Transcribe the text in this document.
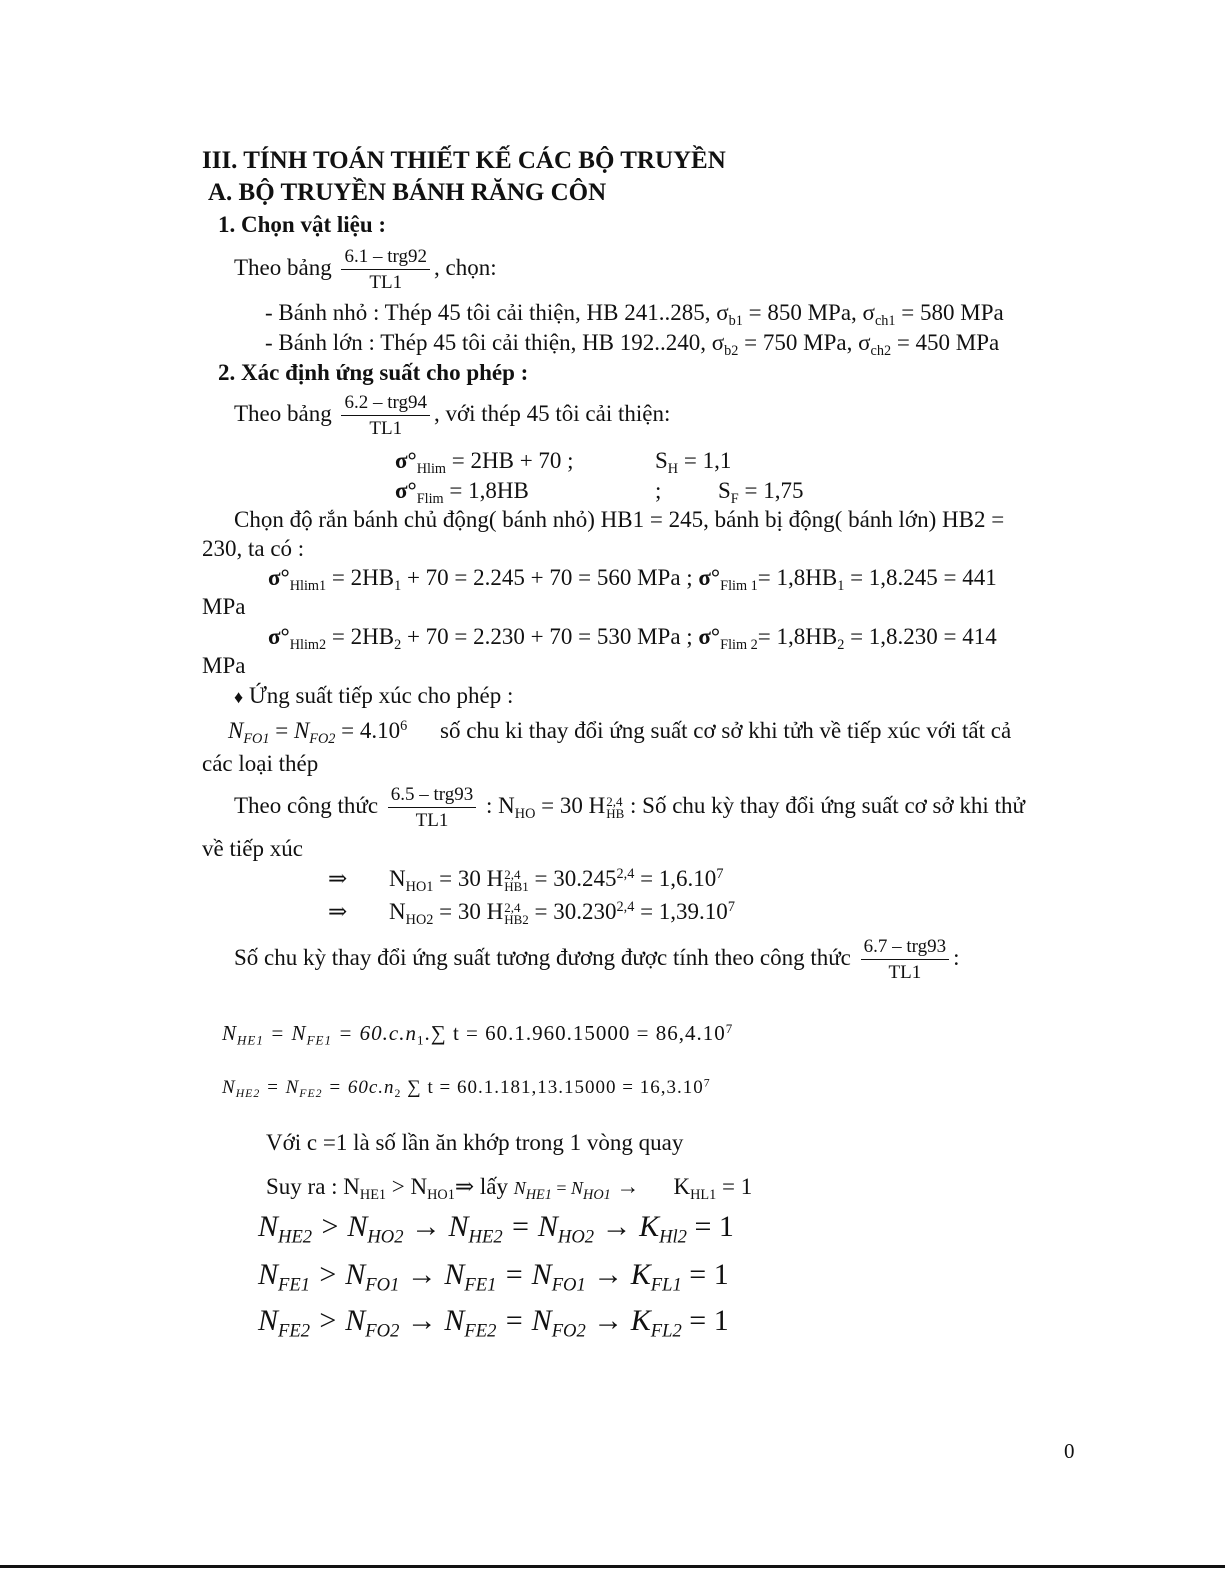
III. TÍNH TOÁN THIẾT KẾ CÁC BỘ TRUYỀN
A. BỘ TRUYỀN BÁNH RĂNG CÔN
1. Chọn vật liệu :
Theo bảng $\frac{\text{6.1 – trg92}}{TL1}$ , chọn:
- Bánh nhỏ : Thép 45 tôi cải thiện, HB 241..285, $\sigma_{b1} = 850$ MPa, $\sigma_{ch1} = 580$ MPa
- Bánh lớn : Thép 45 tôi cải thiện, HB 192..240, $\sigma_{b2} = 750$ MPa, $\sigma_{ch2} = 450$ MPa
2. Xác định ứng suất cho phép :
Theo bảng $\frac{\text{6.2 – trg94}}{TL1}$ , với thép 45 tôi cải thiện:
$\sigma^\circ_{Hlim} = 2HB + 70$ ;	$S_H = 1,1$
$\sigma^\circ_{Flim} = 1,8HB$	; $S_F = 1,75$
Chọn độ rắn bánh chủ động( bánh nhỏ) HB1 = 245, bánh bị động( bánh lớn) HB2 =
230, ta có :
$\sigma^\circ_{Hlim1} = 2HB_1 + 70 = 2.245 + 70 = 560$ MPa ; $\sigma^\circ_{Flim 1}= 1,8HB_1 = 1,8.245 = 441$
MPa
$\sigma^\circ_{Hlim2} = 2HB_2 + 70 = 2.230 + 70 = 530$ MPa ; $\sigma^\circ_{Flim 2}= 1,8HB_2 = 1,8.230 = 414$
MPa
♦ Ứng suất tiếp xúc cho phép :
$N_{FO1} = N_{FO2} = 4.10^6$ số chu ki thay đổi ứng suất cơ sở khi tửh về tiếp xúc với tất cả
các loại thép
Theo công thức $\frac{\text{6.5 – trg93}}{TL1}$ : $N_{HO} = 30$ H 2,4
HB : Số chu kỳ thay đổi ứng suất cơ sở khi thử
về tiếp xúc
⇒ $N_{HO1} = 30$ H 2,4
$HB1 = 30.245^{2,4} = 1,6.10^7$
⇒ $N_{HO2} = 30$ H 2,4
$HB2 = 30.230^{2,4} = 1,39.10^7$
Số chu kỳ thay đổi ứng suất tương đương được tính theo công thức $\frac{\text{6.7 – trg93}}{TL1}$ :
$N_{HE1} = N_{FE1} = 60.c.n_1.\sum$ $t = 60.1.960.15000 = 86,4.10^7$
$N_{HE2} = N_{FE2} = 60c.n_2$ ∑ $t = 60.1.181,13.15000 = 16,3.10^7$
Với c =1 là số lần ăn khớp trong 1 vòng quay
Suy ra : $N_{HE1}$ > $N_{HO1}\Rightarrow$ lấy $N_{HE1} = N_{HO1} \to K_{HL1} = 1$
$N_{HE2} > N_{HO2} \to N_{HE2} = N_{HO2} \to K_{Hl2} = 1$
$N_{FE1} > N_{FO1} \to N_{FE1} = N_{FO1} \to K_{FL1} = 1$
$N_{FE2} > N_{FO2} \to N_{FE2} = N_{FO2} \to K_{FL2} = 1$
0
